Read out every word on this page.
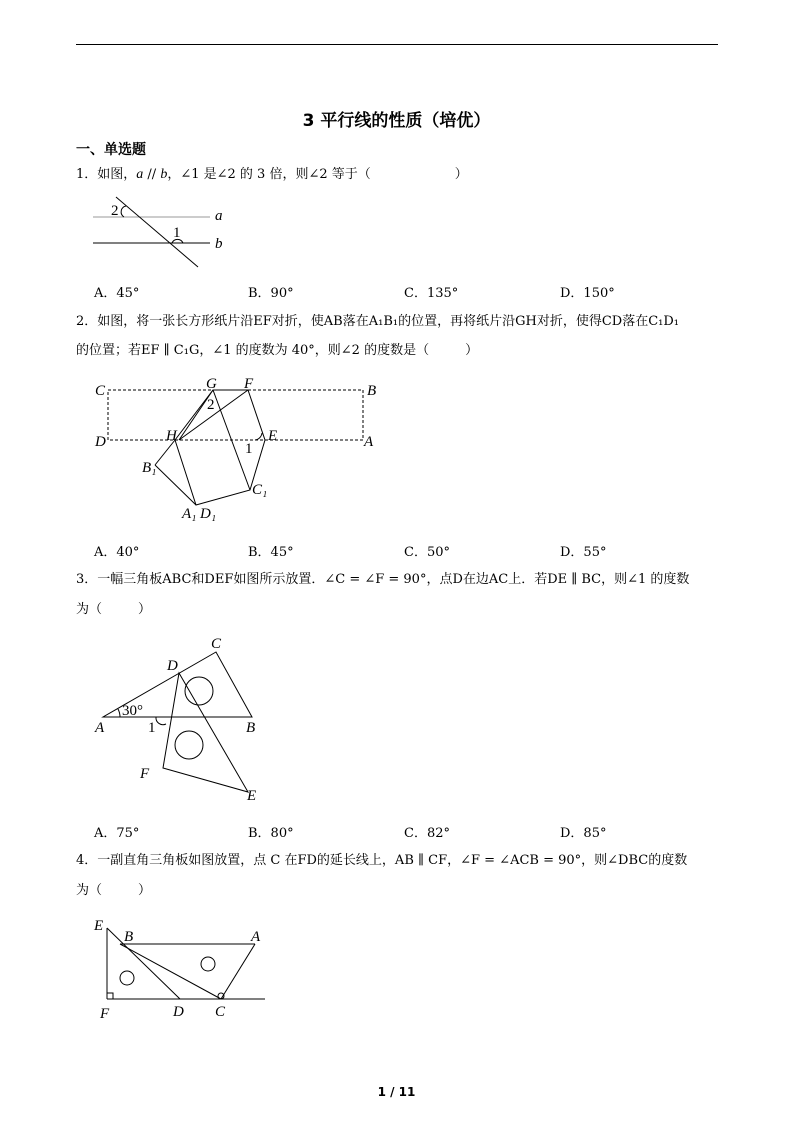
3 平行线的性质（培优）
一、单选题
1．如图，a // b，∠1 是∠2 的 3 倍，则∠2 等于（	）
2
1
a
b
A．45°	B．90°	C．135°	D．150°
2．如图，将一张长方形纸片沿EF对折，使AB落在A₁B₁的位置，再将纸片沿GH对折，使得CD落在C₁D₁
的位置；若EF ∥ C₁G，∠1 的度数为 40°，则∠2 的度数是（	）
C	G F	B
2
D	H	E
1	A
B₁
C₁
A₁ D₁
A．40°	B．45°	C．50°	D．55°
3．一幅三角板ABC和DEF如图所示放置．∠C = ∠F = 90°，点D在边AC上．若DE ∥ BC，则∠1 的度数
为（	）
C
D
30°
A	1	B
F
E
A．75°	B．80°	C．82°	D．85°
4．一副直角三角板如图放置，点 C 在FD的延长线上，AB ∥ CF，∠F = ∠ACB = 90°，则∠DBC的度数
为（	）
E
B	A
F	D C
1 / 11
